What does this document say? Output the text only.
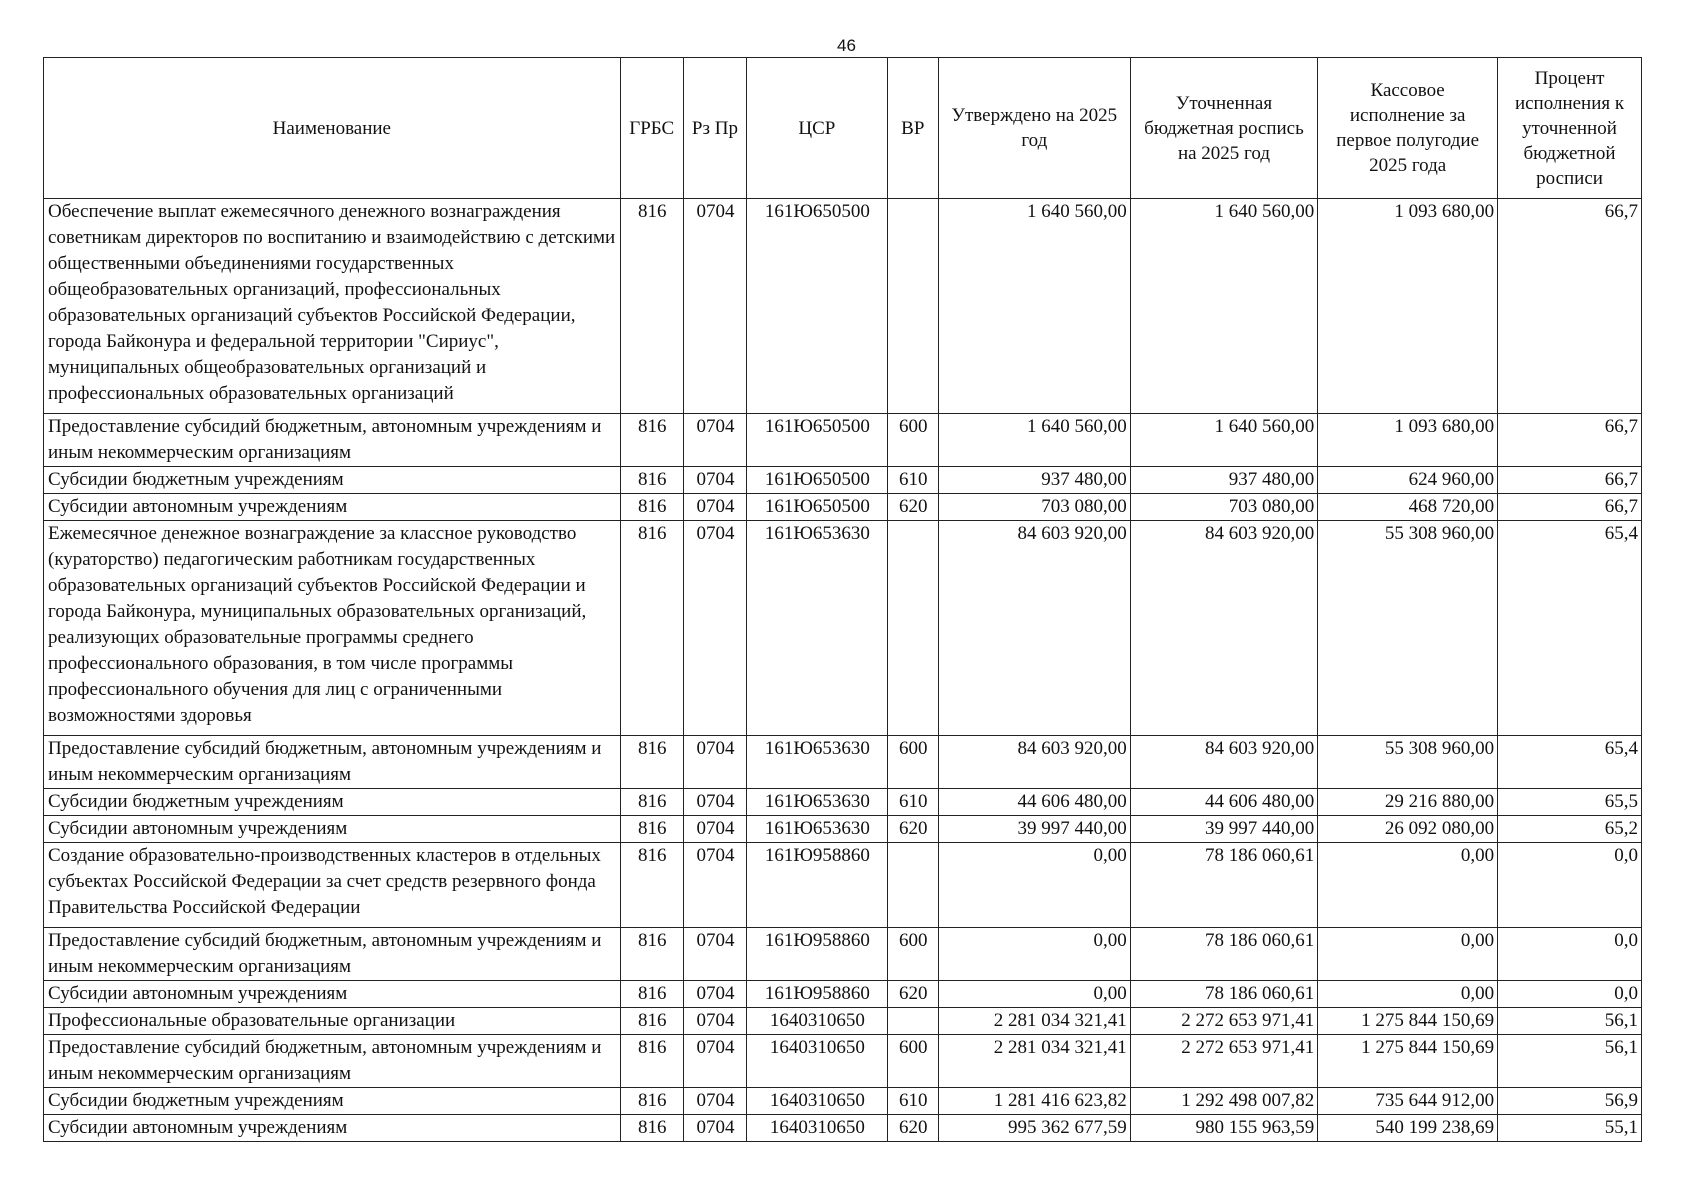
46
Наименование	ГРБС	Рз Пр	ЦСР	ВР	Утверждено на 2025 год	Уточненная бюджетная роспись на 2025 год	Кассовое исполнение за первое полугодие 2025 года	Процент исполнения к уточненной бюджетной росписи
Обеспечение выплат ежемесячного денежного вознаграждения советникам директоров по воспитанию и взаимодействию с детскими общественными объединениями государственных общеобразовательных организаций, профессиональных образовательных организаций субъектов Российской Федерации, города Байконура и федеральной территории "Сириус", муниципальных общеобразовательных организаций и профессиональных образовательных организаций	816	0704	161Ю650500		1 640 560,00	1 640 560,00	1 093 680,00	66,7
Предоставление субсидий бюджетным, автономным учреждениям и иным некоммерческим организациям	816	0704	161Ю650500	600	1 640 560,00	1 640 560,00	1 093 680,00	66,7
Субсидии бюджетным учреждениям	816	0704	161Ю650500	610	937 480,00	937 480,00	624 960,00	66,7
Субсидии автономным учреждениям	816	0704	161Ю650500	620	703 080,00	703 080,00	468 720,00	66,7
Ежемесячное денежное вознаграждение за классное руководство (кураторство) педагогическим работникам государственных образовательных организаций субъектов Российской Федерации и города Байконура, муниципальных образовательных организаций, реализующих образовательные программы среднего профессионального образования, в том числе программы профессионального обучения для лиц с ограниченными возможностями здоровья	816	0704	161Ю653630		84 603 920,00	84 603 920,00	55 308 960,00	65,4
Предоставление субсидий бюджетным, автономным учреждениям и иным некоммерческим организациям	816	0704	161Ю653630	600	84 603 920,00	84 603 920,00	55 308 960,00	65,4
Субсидии бюджетным учреждениям	816	0704	161Ю653630	610	44 606 480,00	44 606 480,00	29 216 880,00	65,5
Субсидии автономным учреждениям	816	0704	161Ю653630	620	39 997 440,00	39 997 440,00	26 092 080,00	65,2
Создание образовательно-производственных кластеров в отдельных субъектах Российской Федерации за счет средств резервного фонда Правительства Российской Федерации	816	0704	161Ю958860		0,00	78 186 060,61	0,00	0,0
Предоставление субсидий бюджетным, автономным учреждениям и иным некоммерческим организациям	816	0704	161Ю958860	600	0,00	78 186 060,61	0,00	0,0
Субсидии автономным учреждениям	816	0704	161Ю958860	620	0,00	78 186 060,61	0,00	0,0
Профессиональные образовательные организации	816	0704	1640310650		2 281 034 321,41	2 272 653 971,41	1 275 844 150,69	56,1
Предоставление субсидий бюджетным, автономным учреждениям и иным некоммерческим организациям	816	0704	1640310650	600	2 281 034 321,41	2 272 653 971,41	1 275 844 150,69	56,1
Субсидии бюджетным учреждениям	816	0704	1640310650	610	1 281 416 623,82	1 292 498 007,82	735 644 912,00	56,9
Субсидии автономным учреждениям	816	0704	1640310650	620	995 362 677,59	980 155 963,59	540 199 238,69	55,1
